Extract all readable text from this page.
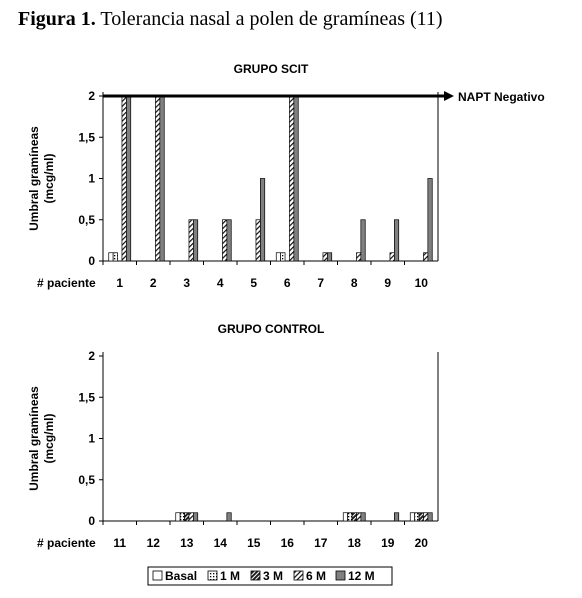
Figura 1. Tolerancia nasal a polen de gramíneas (11)
GRUPO SCIT
Umbral gramíneas (mcg/ml)
0
0,5
1
1,5
2
1 2 3 4 5 6 7 8 9 10
# paciente
NAPT Negativo
GRUPO CONTROL
Umbral gramíneas (mcg/ml)
0
0,5
1
1,5
2
11 12 13 14 15 16 17 18 19 20
# paciente
Basal 1 M 3 M 6 M 12 M
